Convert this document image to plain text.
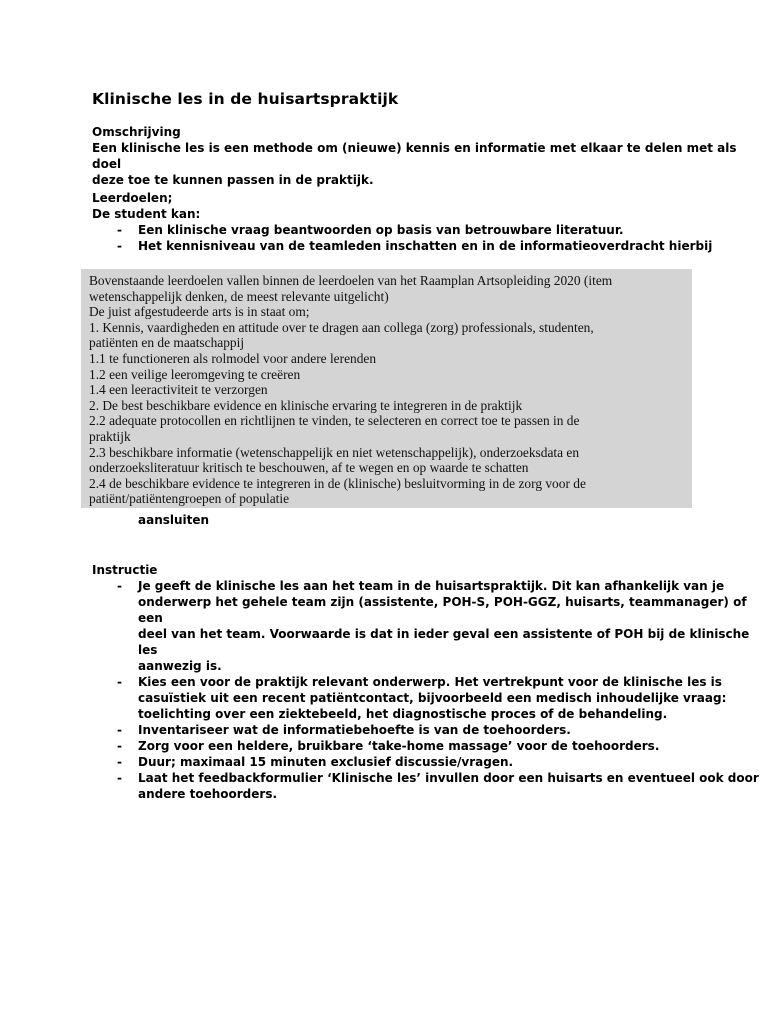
Klinische les in de huisartspraktijk
Omschrijving
Een klinische les is een methode om (nieuwe) kennis en informatie met elkaar te delen met als doel
deze toe te kunnen passen in de praktijk.
Leerdoelen;
De student kan:
- Een klinische vraag beantwoorden op basis van betrouwbare literatuur.
- Het kennisniveau van de teamleden inschatten en in de informatieoverdracht hierbij

Bovenstaande leerdoelen vallen binnen de leerdoelen van het Raamplan Artsopleiding 2020 (item

wetenschappelijk denken, de meest relevante uitgelicht)

De juist afgestudeerde arts is in staat om;

1. Kennis, vaardigheden en attitude over te dragen aan collega (zorg) professionals, studenten,

patiënten en de maatschappij

1.1 te functioneren als rolmodel voor andere lerenden

1.2 een veilige leeromgeving te creëren

1.4 een leeractiviteit te verzorgen

2. De best beschikbare evidence en klinische ervaring te integreren in de praktijk

2.2 adequate protocollen en richtlijnen te vinden, te selecteren en correct toe te passen in de

praktijk

2.3 beschikbare informatie (wetenschappelijk en niet wetenschappelijk), onderzoeksdata en

onderzoeksliteratuur kritisch te beschouwen, af te wegen en op waarde te schatten

2.4 de beschikbare evidence te integreren in de (klinische) besluitvorming in de zorg voor de

patiënt/patiëntengroepen of populatie

aansluiten
Instructie
- Je geeft de klinische les aan het team in de huisartspraktijk. Dit kan afhankelijk van je
onderwerp het gehele team zijn (assistente, POH-S, POH-GGZ, huisarts, teammanager) of een
deel van het team. Voorwaarde is dat in ieder geval een assistente of POH bij de klinische les
aanwezig is.
- Kies een voor de praktijk relevant onderwerp. Het vertrekpunt voor de klinische les is
casuïstiek uit een recent patiëntcontact, bijvoorbeeld een medisch inhoudelijke vraag:
toelichting over een ziektebeeld, het diagnostische proces of de behandeling.
- Inventariseer wat de informatiebehoefte is van de toehoorders.
- Zorg voor een heldere, bruikbare ‘take-home massage’ voor de toehoorders.
- Duur; maximaal 15 minuten exclusief discussie/vragen.
- Laat het feedbackformulier ‘Klinische les’ invullen door een huisarts en eventueel ook door
andere toehoorders.
